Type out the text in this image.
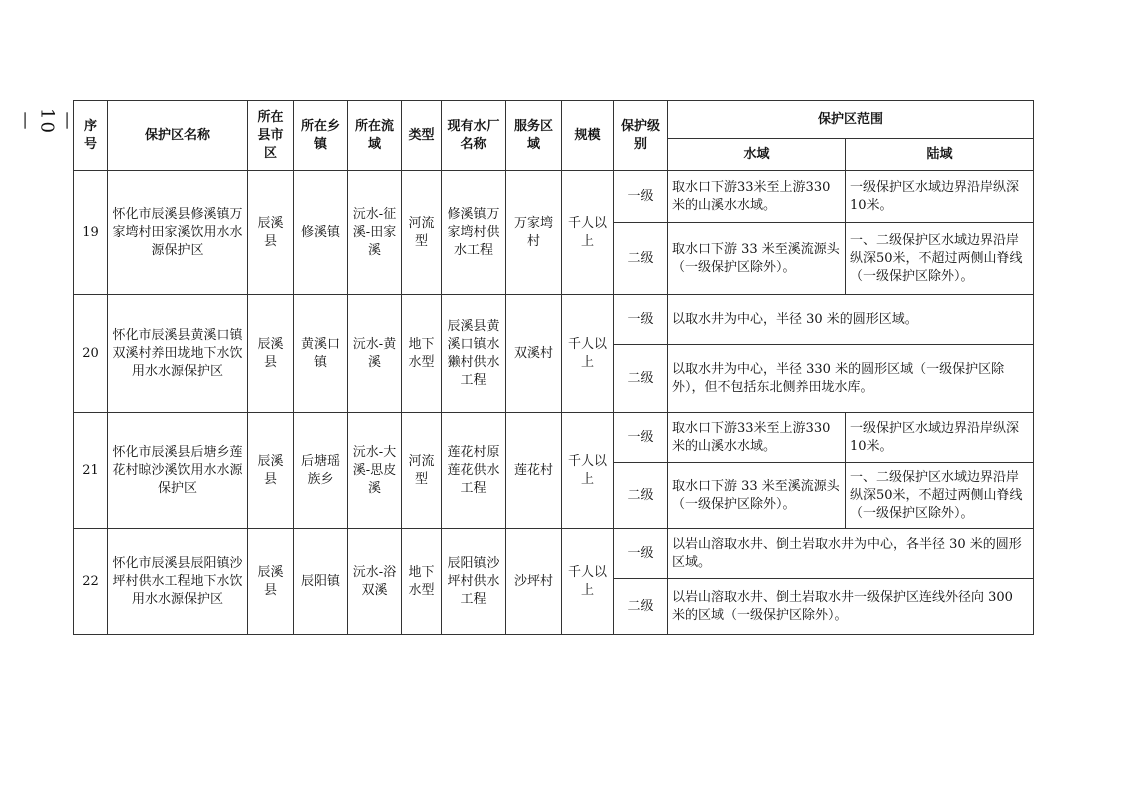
— 10 —	序号	保护区名称	所在县市区	所在乡镇	所在流域	类型	现有水厂名称	服务区域	规模	保护级别	保护区范围	
										水域	陆域
19	怀化市辰溪县修溪镇万家塆村田家溪饮用水水源保护区	辰溪县	修溪镇	沅水-征溪-田家溪	河流型	修溪镇万家塆村供水工程	万家塆村	千人以上	一级	取水口下游33米至上游330米的山溪水水域。	一级保护区水域边界沿岸纵深10米。
									二级	取水口下游 33 米至溪流源头（一级保护区除外）。	一、二级保护区水域边界沿岸纵深50米，不超过两侧山脊线（一级保护区除外）。
20	怀化市辰溪县黄溪口镇双溪村养田垅地下水饮用水水源保护区	辰溪县	黄溪口镇	沅水-黄溪	地下水型	辰溪县黄溪口镇水獭村供水工程	双溪村	千人以上	一级	以取水井为中心，半径 30 米的圆形区域。	
									二级	以取水井为中心，半径 330 米的圆形区域（一级保护区除外），但不包括东北侧养田垅水库。	
21	怀化市辰溪县后塘乡莲花村晾沙溪饮用水水源保护区	辰溪县	后塘瑶族乡	沅水-大溪-思皮溪	河流型	莲花村原莲花供水工程	莲花村	千人以上	一级	取水口下游33米至上游330米的山溪水水域。	一级保护区水域边界沿岸纵深10米。
									二级	取水口下游 33 米至溪流源头（一级保护区除外）。	一、二级保护区水域边界沿岸纵深50米，不超过两侧山脊线（一级保护区除外）。
22	怀化市辰溪县辰阳镇沙坪村供水工程地下水饮用水水源保护区	辰溪县	辰阳镇	沅水-浴双溪	地下水型	辰阳镇沙坪村供水工程	沙坪村	千人以上	一级	以岩山溶取水井、倒土岩取水井为中心，各半径 30 米的圆形区域。	
									二级	以岩山溶取水井、倒土岩取水井一级保护区连线外径向 300 米的区域（一级保护区除外）。	
